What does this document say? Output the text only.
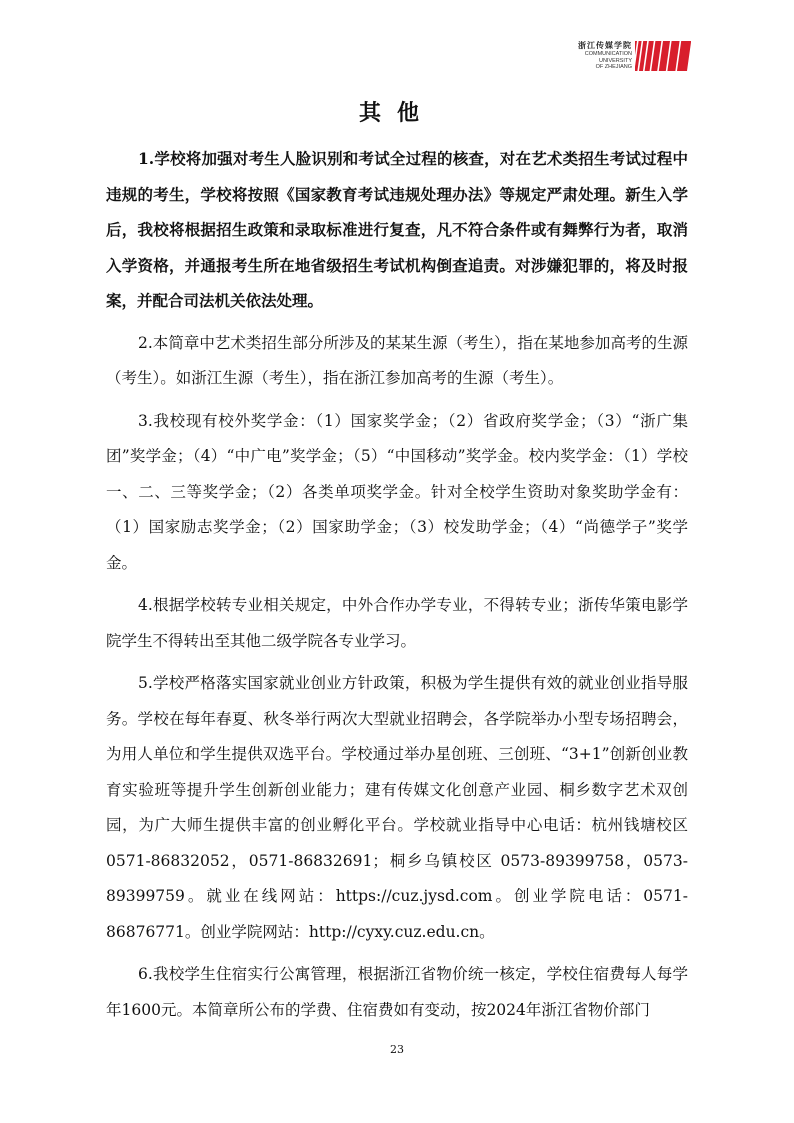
浙江传媒学院
COMMUNICATION
UNIVERSITY
OF ZHEJIANG
其他

1.学校将加强对考生人脸识别和考试全过程的核查，对在艺术类招生考试过程中违规的考生，学校将按照《国家教育考试违规处理办法》等规定严肃处理。新生入学后，我校将根据招生政策和录取标准进行复查，凡不符合条件或有舞弊行为者，取消入学资格，并通报考生所在地省级招生考试机构倒查追责。对涉嫌犯罪的，将及时报案，并配合司法机关依法处理。

2.本简章中艺术类招生部分所涉及的某某生源（考生），指在某地参加高考的生源（考生）。如浙江生源（考生），指在浙江参加高考的生源（考生）。

3.我校现有校外奖学金：（1）国家奖学金；（2）省政府奖学金；（3）“浙广集团”奖学金；（4）“中广电”奖学金；（5）“中国移动”奖学金。校内奖学金：（1）学校一、二、三等奖学金；（2）各类单项奖学金。针对全校学生资助对象奖助学金有：（1）国家励志奖学金；（2）国家助学金；（3）校发助学金；（4）“尚德学子”奖学金。

4.根据学校转专业相关规定，中外合作办学专业，不得转专业；浙传华策电影学院学生不得转出至其他二级学院各专业学习。

5.学校严格落实国家就业创业方针政策，积极为学生提供有效的就业创业指导服务。学校在每年春夏、秋冬举行两次大型就业招聘会，各学院举办小型专场招聘会，为用人单位和学生提供双选平台。学校通过举办星创班、三创班、“3+1”创新创业教育实验班等提升学生创新创业能力；建有传媒文化创意产业园、桐乡数字艺术双创园，为广大师生提供丰富的创业孵化平台。学校就业指导中心电话：杭州钱塘校区 0571-86832052，0571-86832691；桐乡乌镇校区 0573-89399758，0573-89399759。就业在线网站：https://cuz.jysd.com。创业学院电话：0571-86876771。创业学院网站：http://cyxy.cuz.edu.cn。

6.我校学生住宿实行公寓管理，根据浙江省物价统一核定，学校住宿费每人每学年1600元。本简章所公布的学费、住宿费如有变动，按2024年浙江省物价部门

23
